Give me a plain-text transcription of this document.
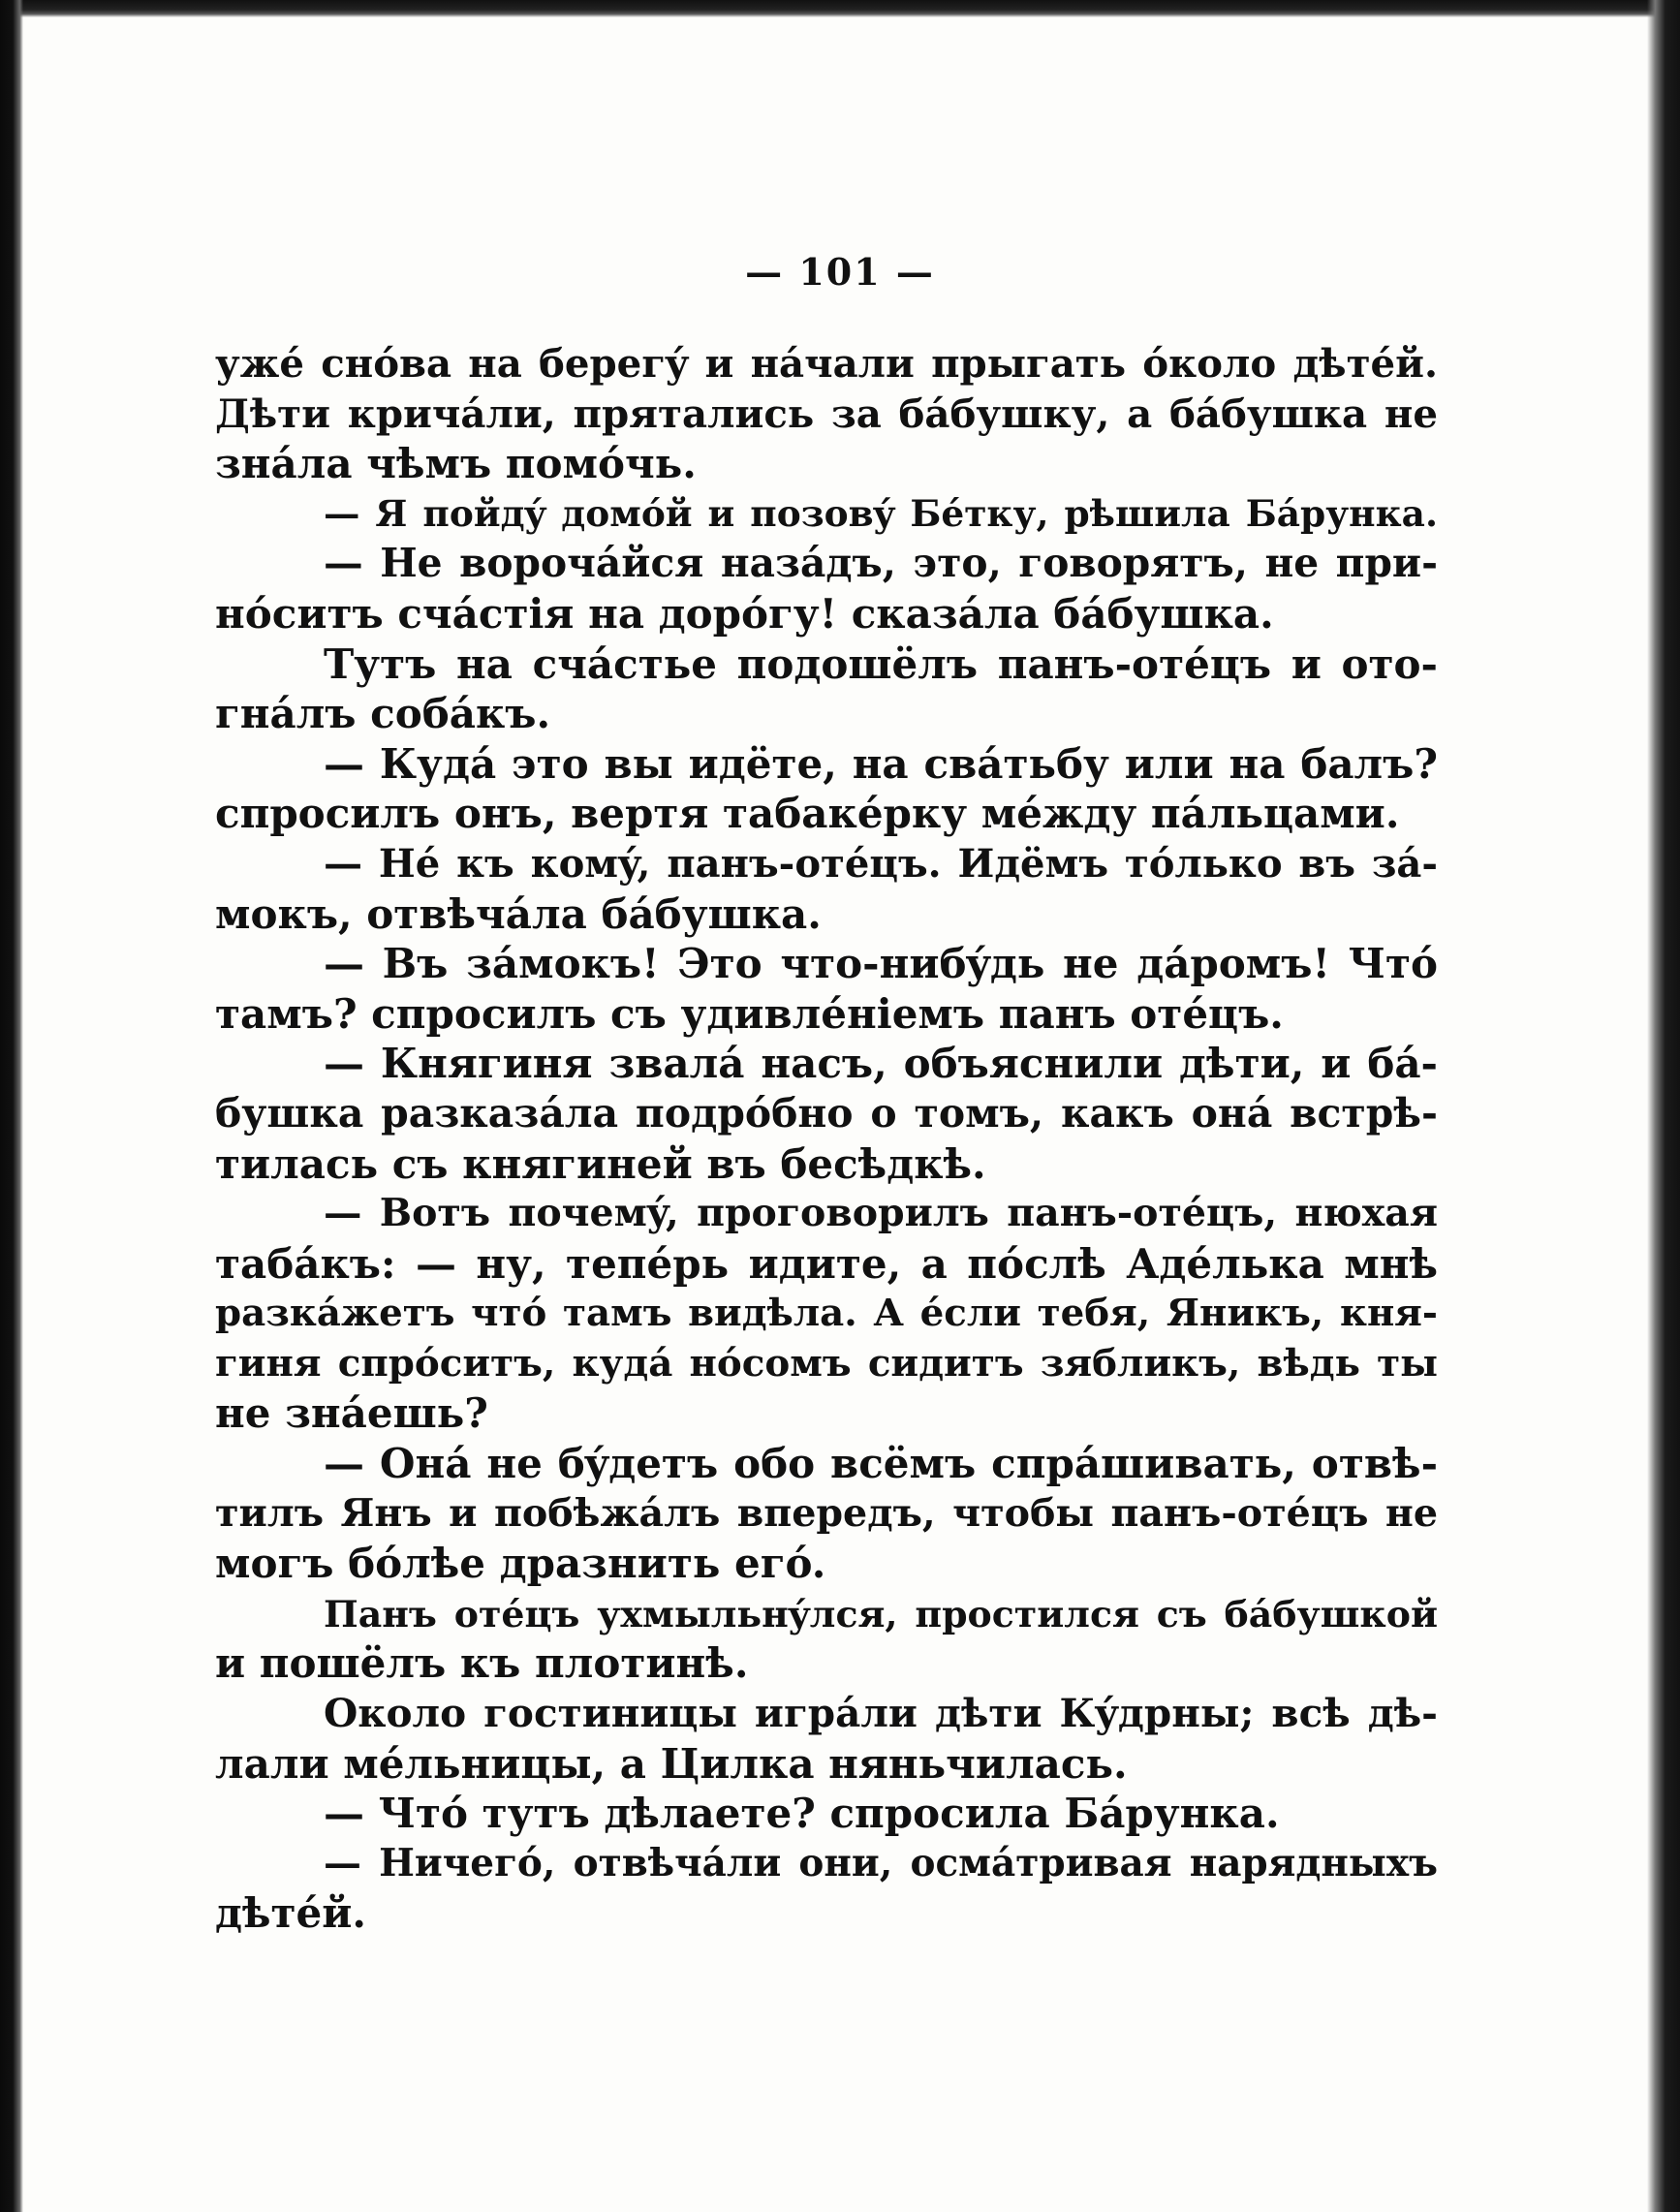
— 101 —
ужé снóва на берегý и нáчали прыгать óколо дѣтéй.
Дѣти кричáли, прятались за бáбушку, а бáбушка не
знáла чѣмъ помóчь.
— Я пойдý домóй и позовý Бéтку, рѣшила Бáрунка.
— Не ворочáйся назáдъ, это, говорятъ, не при-
нóситъ счáстія на дорóгу! сказáла бáбушка.
Тутъ на счáстье подошёлъ панъ-отéцъ и ото-
гнáлъ собáкъ.
— Кудá это вы идёте, на свáтьбу или на балъ?
спросилъ онъ, вертя табакéрку мéжду пáльцами.
— Нé къ комý, панъ-отéцъ. Идёмъ тóлько въ зá-
мокъ, отвѣчáла бáбушка.
— Въ зáмокъ! Это что-нибýдь не дáромъ! Чтó
тамъ? спросилъ съ удивлéніемъ панъ отéцъ.
— Княгиня звалá насъ, объяснили дѣти, и бá-
бушка разказáла подрóбно о томъ, какъ онá встрѣ-
тилась съ княгиней въ бесѣдкѣ.
— Вотъ почемý, проговорилъ панъ-отéцъ, нюхая
табáкъ: — ну, тепéрь идите, а пóслѣ Адéлька мнѣ
разкáжетъ чтó тамъ видѣла. А éсли тебя, Яникъ, кня-
гиня спрóситъ, кудá нóсомъ сидитъ зябликъ, вѣдь ты
не знáешь?
— Онá не бýдетъ обо всёмъ спрáшивать, отвѣ-
тилъ Янъ и побѣжáлъ впередъ, чтобы панъ-отéцъ не
могъ бóлѣе дразнить егó.
Панъ отéцъ ухмыльнýлся, простился съ бáбушкой
и пошёлъ къ плотинѣ.
Около гостиницы игрáли дѣти Кýдрны; всѣ дѣ-
лали мéльницы, а Цилка няньчилась.
— Чтó тутъ дѣлаете? спросила Бáрунка.
— Ничегó, отвѣчáли они, осмáтривая нарядныхъ
дѣтéй.
